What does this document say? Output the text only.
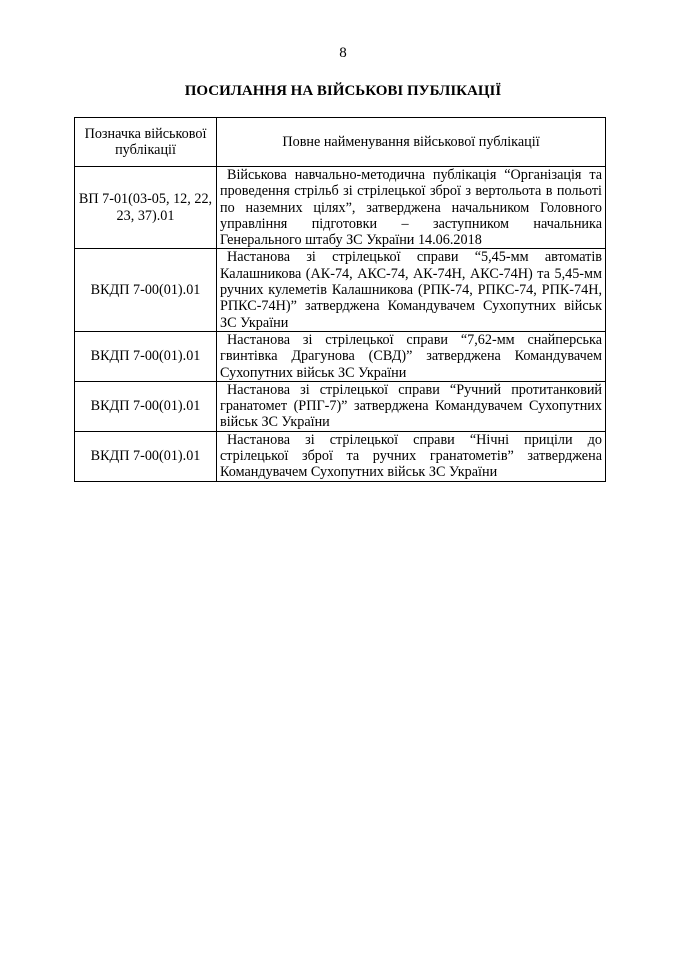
8
ПОСИЛАННЯ НА ВІЙСЬКОВІ ПУБЛІКАЦІЇ
Позначка військової публікації	Повне найменування військової публікації
ВП 7-01(03-05, 12, 22, 23, 37).01	Військова навчально-методична публікація “Організація та проведення стрільб зі стрілецької зброї з вертольота в польоті по наземних цілях”, затверджена начальником Головного управління підготовки – заступником начальника Генерального штабу ЗС України 14.06.2018

ВКДП 7-00(01).01	Настанова зі стрілецької справи “5,45-мм автоматів Калашникова (АК-74, АКС-74, АК-74Н, АКС-74Н) та 5,45-мм ручних кулеметів Калашникова (РПК-74, РПКС-74, РПК-74Н, РПКС-74Н)” затверджена Командувачем Сухопутних військ ЗС України

ВКДП 7-00(01).01	Настанова зі стрілецької справи “7,62-мм снайперська гвинтівка Драгунова (СВД)” затверджена Командувачем Сухопутних військ ЗС України

ВКДП 7-00(01).01	Настанова зі стрілецької справи “Ручний протитанковий гранатомет (РПГ-7)” затверджена Командувачем Сухопутних військ ЗС України

ВКДП 7-00(01).01	Настанова зі стрілецької справи “Нічні приціли до стрілецької зброї та ручних гранатометів” затверджена Командувачем Сухопутних військ ЗС України
